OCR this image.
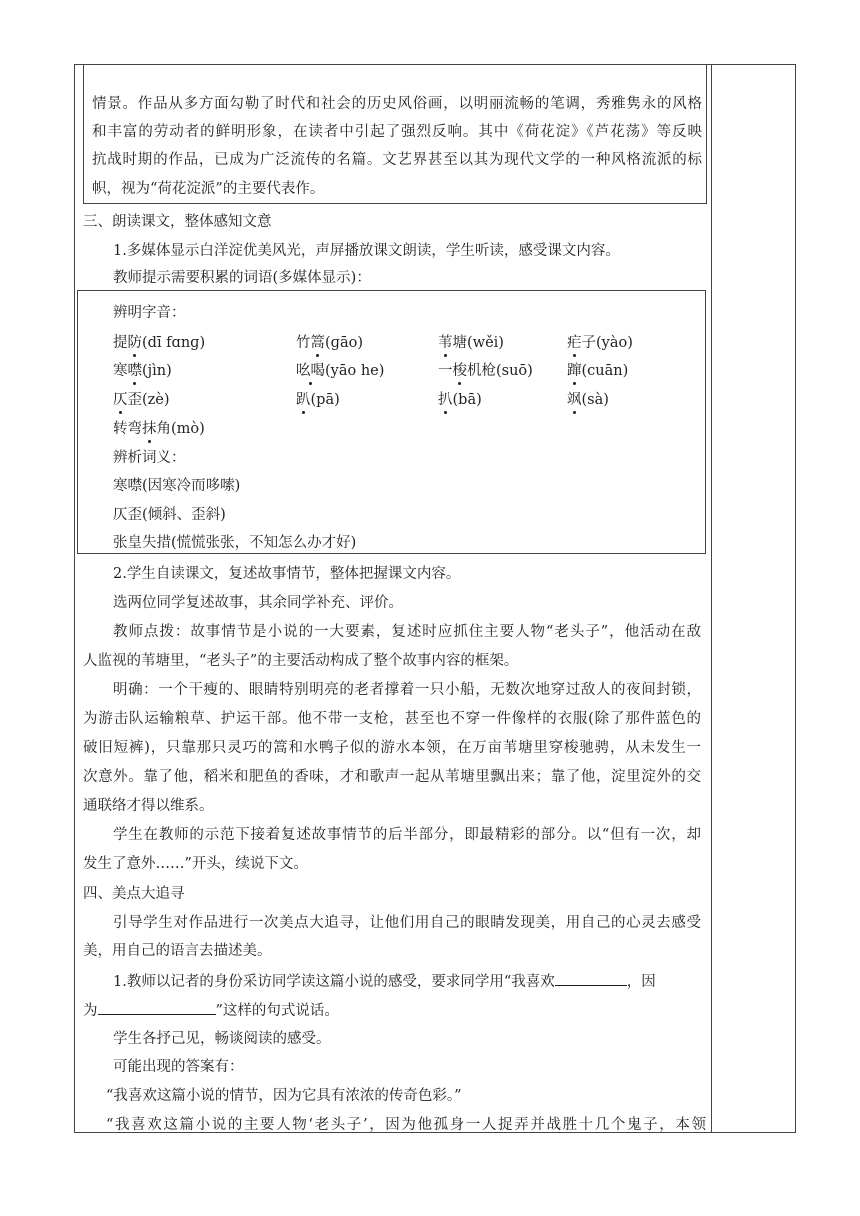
情景。作品从多方面勾勒了时代和社会的历史风俗画，以明丽流畅的笔调，秀雅隽永的风格
和丰富的劳动者的鲜明形象，在读者中引起了强烈反响。其中《荷花淀》《芦花荡》等反映
抗战时期的作品，已成为广泛流传的名篇。文艺界甚至以其为现代文学的一种风格流派的标
帜，视为“荷花淀派”的主要代表作。
三、朗读课文，整体感知文意
1.多媒体显示白洋淀优美风光，声屏播放课文朗读，学生听读，感受课文内容。
教师提示需要积累的词语(多媒体显示)：
辨明字音：
提防(dī fɑnɡ)	竹篙(ɡāo)	苇塘(wěi)	疟子(yào)
寒噤(jìn)	吆喝(yāo he)	一梭机枪(suō) 蹿(cuān)
仄歪(zè)	趴(pā)	扒(bā)	飒(sà)
转弯抹角(mò)
辨析词义：
寒噤(因寒冷而哆嗦)
仄歪(倾斜、歪斜)
张皇失措(慌慌张张，不知怎么办才好)
2.学生自读课文，复述故事情节，整体把握课文内容。
选两位同学复述故事，其余同学补充、评价。
教师点拨：故事情节是小说的一大要素，复述时应抓住主要人物“老头子”，他活动在敌
人监视的苇塘里，“老头子”的主要活动构成了整个故事内容的框架。
明确：一个干瘦的、眼睛特别明亮的老者撑着一只小船，无数次地穿过敌人的夜间封锁，
为游击队运输粮草、护运干部。他不带一支枪，甚至也不穿一件像样的衣服(除了那件蓝色的
破旧短裤)，只靠那只灵巧的篙和水鸭子似的游水本领，在万亩苇塘里穿梭驰骋，从未发生一
次意外。靠了他，稻米和肥鱼的香味，才和歌声一起从苇塘里飘出来；靠了他，淀里淀外的交
通联络才得以维系。
学生在教师的示范下接着复述故事情节的后半部分，即最精彩的部分。以“但有一次，却
发生了意外……”开头，续说下文。
四、美点大追寻
引导学生对作品进行一次美点大追寻，让他们用自己的眼睛发现美，用自己的心灵去感受
美，用自己的语言去描述美。
1.教师以记者的身份采访同学读这篇小说的感受，要求同学用“我喜欢	，因
为	”这样的句式说话。
学生各抒己见，畅谈阅读的感受。
可能出现的答案有：
“我喜欢这篇小说的情节，因为它具有浓浓的传奇色彩。”
“我喜欢这篇小说的主要人物‘老头子’，因为他孤身一人捉弄并战胜十几个鬼子，本领
